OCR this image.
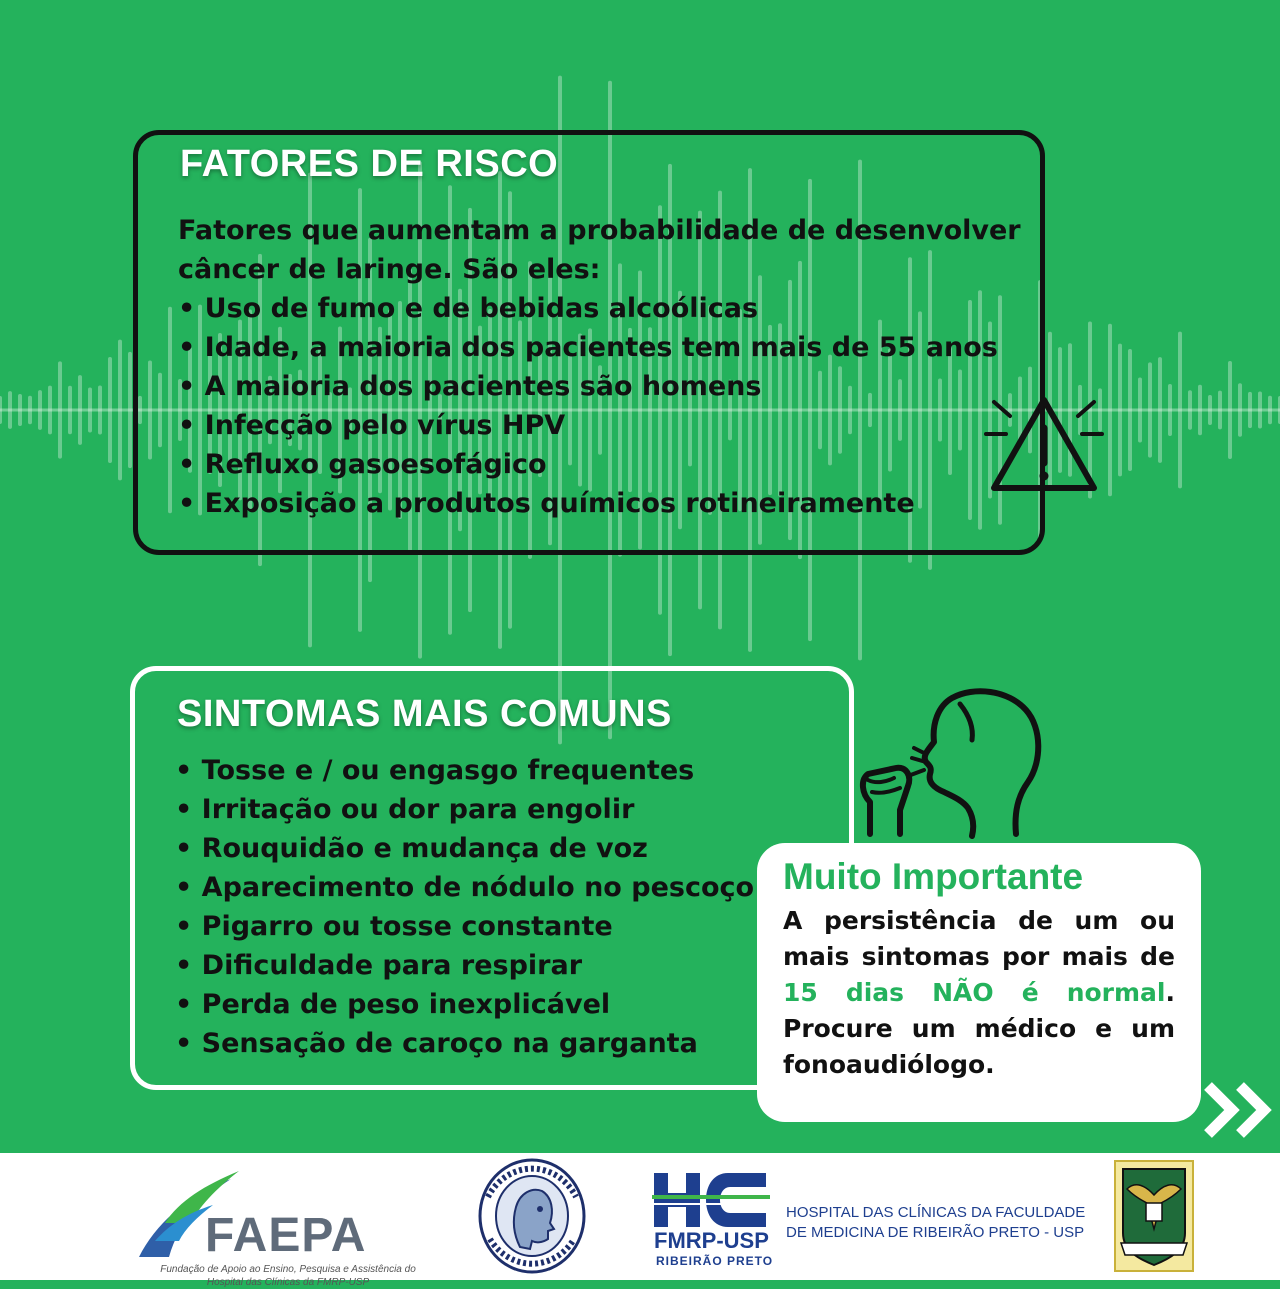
FATORES DE RISCO
Fatores que aumentam a probabilidade de desenvolver câncer de laringe. São eles:
• Uso de fumo e de bebidas alcoólicas
• Idade, a maioria dos pacientes tem mais de 55 anos
• A maioria dos pacientes são homens
• Infecção pelo vírus HPV
• Refluxo gasoesofágico
• Exposição a produtos químicos rotineiramente
SINTOMAS MAIS COMUNS
• Tosse e / ou engasgo frequentes
• Irritação ou dor para engolir
• Rouquidão e mudança de voz
• Aparecimento de nódulo no pescoço
• Pigarro ou tosse constante
• Dificuldade para respirar
• Perda de peso inexplicável
• Sensação de caroço na garganta
Muito Importante
A persistência de um ou mais sintomas por mais de 15 dias NÃO é normal. Procure um médico e um fonoaudiólogo.
FAEPA
Fundação de Apoio ao Ensino, Pesquisa e Assistência do Hospital das Clínicas da FMRP-USP
FMRP-USP
RIBEIRÃO PRETO
HOSPITAL DAS CLÍNICAS DA FACULDADE DE MEDICINA DE RIBEIRÃO PRETO - USP
